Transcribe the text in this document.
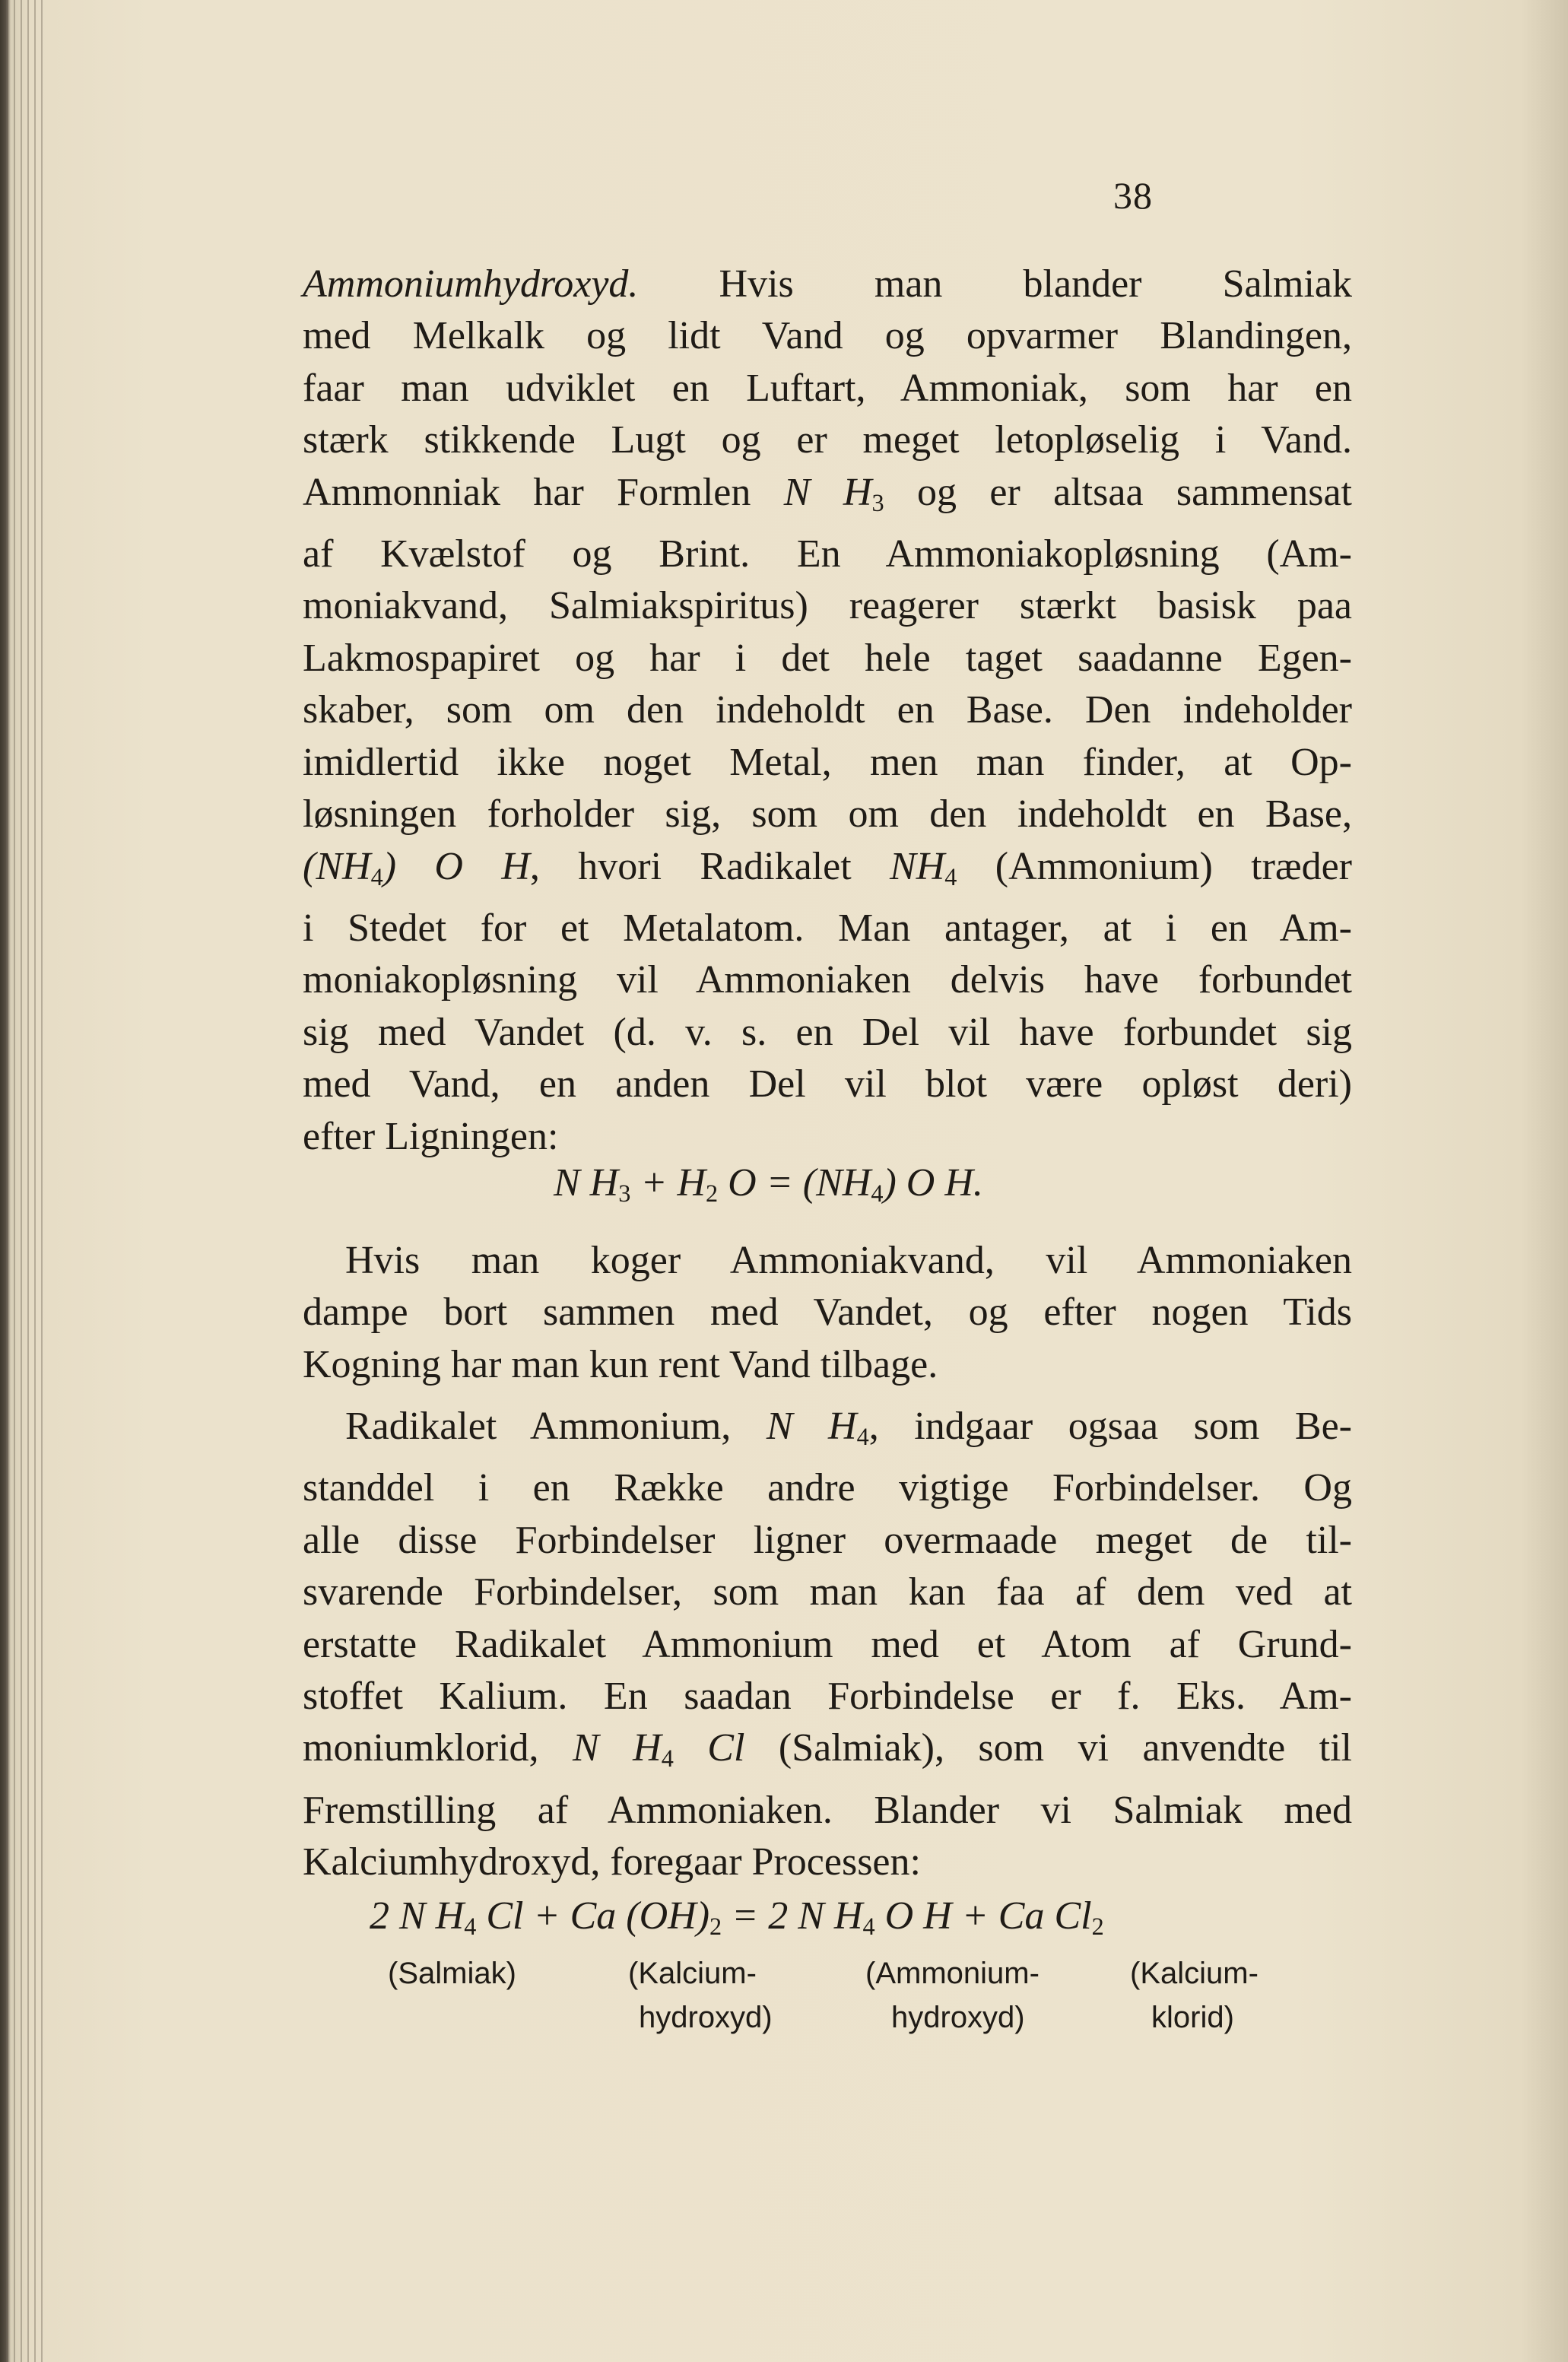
38
Ammoniumhydroxyd. Hvis man blander Salmiak
med Melkalk og lidt Vand og opvarmer Blandingen,
faar man udviklet en Luftart, Ammoniak, som har en
stærk stikkende Lugt og er meget letopløselig i Vand.
Ammonniak har Formlen N $H_3$ og er altsaa sammensat
af Kvælstof og Brint. En Ammoniakopløsning (Am-
moniakvand, Salmiakspiritus) reagerer stærkt basisk paa
Lakmospapiret og har i det hele taget saadanne Egen-
skaber, som om den indeholdt en Base. Den indeholder
imidlertid ikke noget Metal, men man finder, at Op-
løsningen forholder sig, som om den indeholdt en Base,
$(NH_4)$ O H, hvori Radikalet $NH_4$ (Ammonium) træder
i Stedet for et Metalatom. Man antager, at i en Am-
moniakopløsning vil Ammoniaken delvis have forbundet
sig med Vandet (d. v. s. en Del vil have forbundet sig
med Vand, en anden Del vil blot være opløst deri)
efter Ligningen:
N $H_3 + H_2$ $O = (NH_4)$ O H.
Hvis man koger Ammoniakvand, vil Ammoniaken
dampe bort sammen med Vandet, og efter nogen Tids
Kogning har man kun rent Vand tilbage.
Radikalet Ammonium, N $H_4$, indgaar ogsaa som Be-
standdel i en Række andre vigtige Forbindelser. Og
alle disse Forbindelser ligner overmaade meget de til-
svarende Forbindelser, som man kan faa af dem ved at
erstatte Radikalet Ammonium med et Atom af Grund-
stoffet Kalium. En saadan Forbindelse er f. Eks. Am-
moniumklorid, N $H_4$ Cl (Salmiak), som vi anvendte til
Fremstilling af Ammoniaken. Blander vi Salmiak med
Kalciumhydroxyd, foregaar Processen:
2 N $H_4$ Cl + Ca $(OH)_2 = 2$ N $H_4$ O H + Ca $Cl_2$
(Salmiak)	(Kalcium-
hydroxyd)
(Ammonium-
hydroxyd)
(Kalcium-
klorid)
